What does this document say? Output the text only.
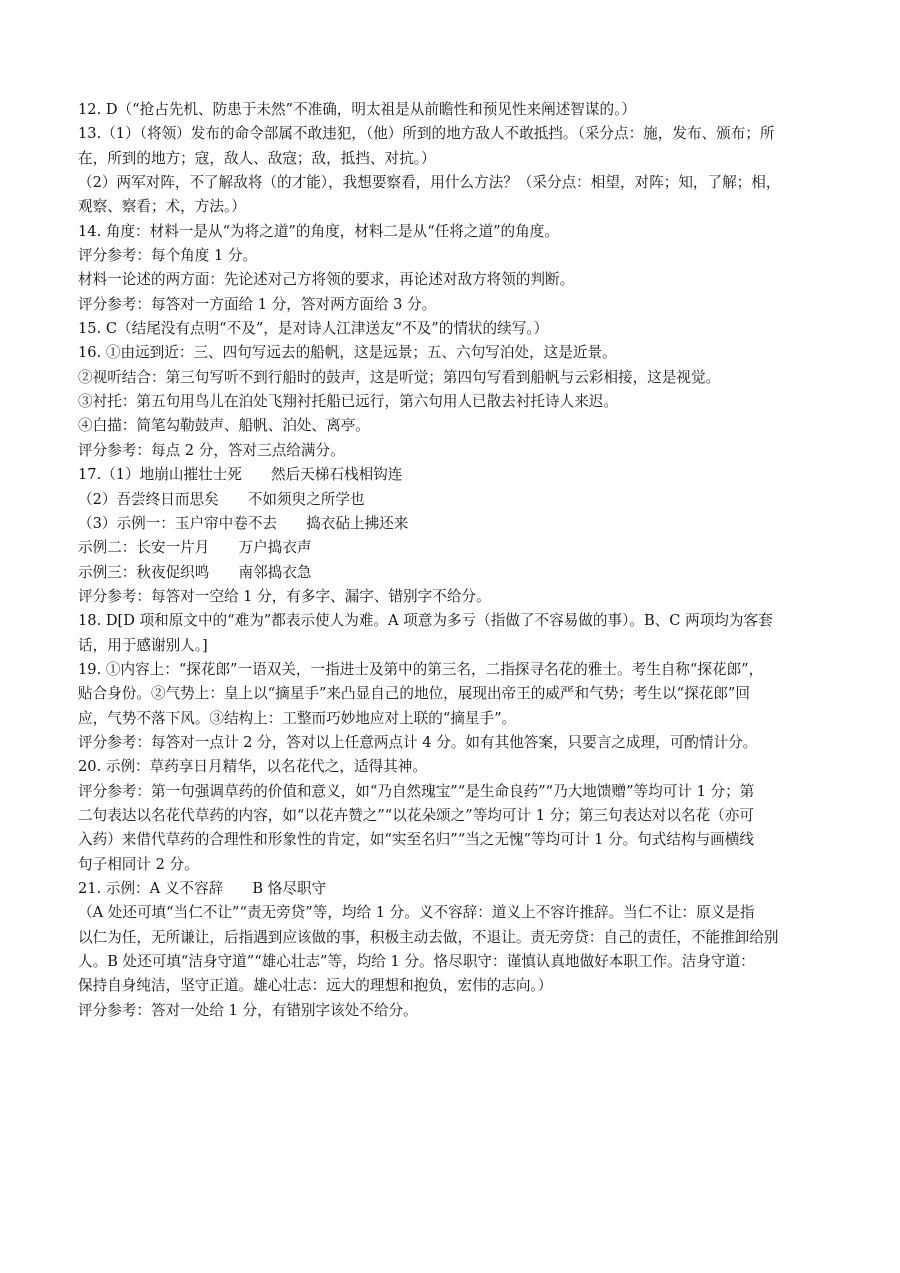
12. D（“抢占先机、防患于未然”不准确，明太祖是从前瞻性和预见性来阐述智谋的。）
13.（1）（将领）发布的命令部属不敢违犯，（他）所到的地方敌人不敢抵挡。（采分点：施，发布、颁布；所
在，所到的地方；寇，敌人、敌寇；敌，抵挡、对抗。）
（2）两军对阵，不了解敌将（的才能），我想要察看，用什么方法？（采分点：相望，对阵；知，了解；相，
观察、察看；术，方法。）
14. 角度：材料一是从“为将之道”的角度，材料二是从“任将之道”的角度。
评分参考：每个角度 1 分。
材料一论述的两方面：先论述对己方将领的要求，再论述对敌方将领的判断。
评分参考：每答对一方面给 1 分，答对两方面给 3 分。
15. C（结尾没有点明“不及”，是对诗人江津送友“不及”的情状的续写。）
16. ①由远到近：三、四句写远去的船帆，这是远景；五、六句写泊处，这是近景。
②视听结合：第三句写听不到行船时的鼓声，这是听觉；第四句写看到船帆与云彩相接，这是视觉。
③衬托：第五句用鸟儿在泊处飞翔衬托船已远行，第六句用人已散去衬托诗人来迟。
④白描：简笔勾勒鼓声、船帆、泊处、离亭。
评分参考：每点 2 分，答对三点给满分。
17.（1）地崩山摧壮士死　　然后天梯石栈相钩连
（2）吾尝终日而思矣　　不如须臾之所学也
（3）示例一：玉户帘中卷不去　　捣衣砧上拂还来
示例二：长安一片月　　万户捣衣声
示例三：秋夜促织鸣　　南邻捣衣急
评分参考：每答对一空给 1 分，有多字、漏字、错别字不给分。
18. D[D 项和原文中的“难为”都表示使人为难。A 项意为多亏（指做了不容易做的事）。B、C 两项均为客套
话，用于感谢别人。]
19. ①内容上：“探花郎”一语双关，一指进士及第中的第三名，二指探寻名花的雅士。考生自称“探花郎”，
贴合身份。②气势上：皇上以“摘星手”来凸显自己的地位，展现出帝王的威严和气势；考生以“探花郎”回
应，气势不落下风。③结构上：工整而巧妙地应对上联的“摘星手”。
评分参考：每答对一点计 2 分，答对以上任意两点计 4 分。如有其他答案，只要言之成理，可酌情计分。
20. 示例：草药享日月精华，以名花代之，适得其神。
评分参考：第一句强调草药的价值和意义，如“乃自然瑰宝”“是生命良药”“乃大地馈赠”等均可计 1 分；第
二句表达以名花代草药的内容，如“以花卉赞之”“以花朵颂之”等均可计 1 分；第三句表达对以名花（亦可
入药）来借代草药的合理性和形象性的肯定，如“实至名归”“当之无愧”等均可计 1 分。句式结构与画横线
句子相同计 2 分。
21. 示例：A 义不容辞　　B 恪尽职守
（A 处还可填“当仁不让”“责无旁贷”等，均给 1 分。义不容辞：道义上不容许推辞。当仁不让：原义是指
以仁为任，无所谦让，后指遇到应该做的事，积极主动去做，不退让。责无旁贷：自己的责任，不能推卸给别
人。B 处还可填“洁身守道”“雄心壮志”等，均给 1 分。恪尽职守：谨慎认真地做好本职工作。洁身守道：
保持自身纯洁，坚守正道。雄心壮志：远大的理想和抱负，宏伟的志向。）
评分参考：答对一处给 1 分，有错别字该处不给分。
